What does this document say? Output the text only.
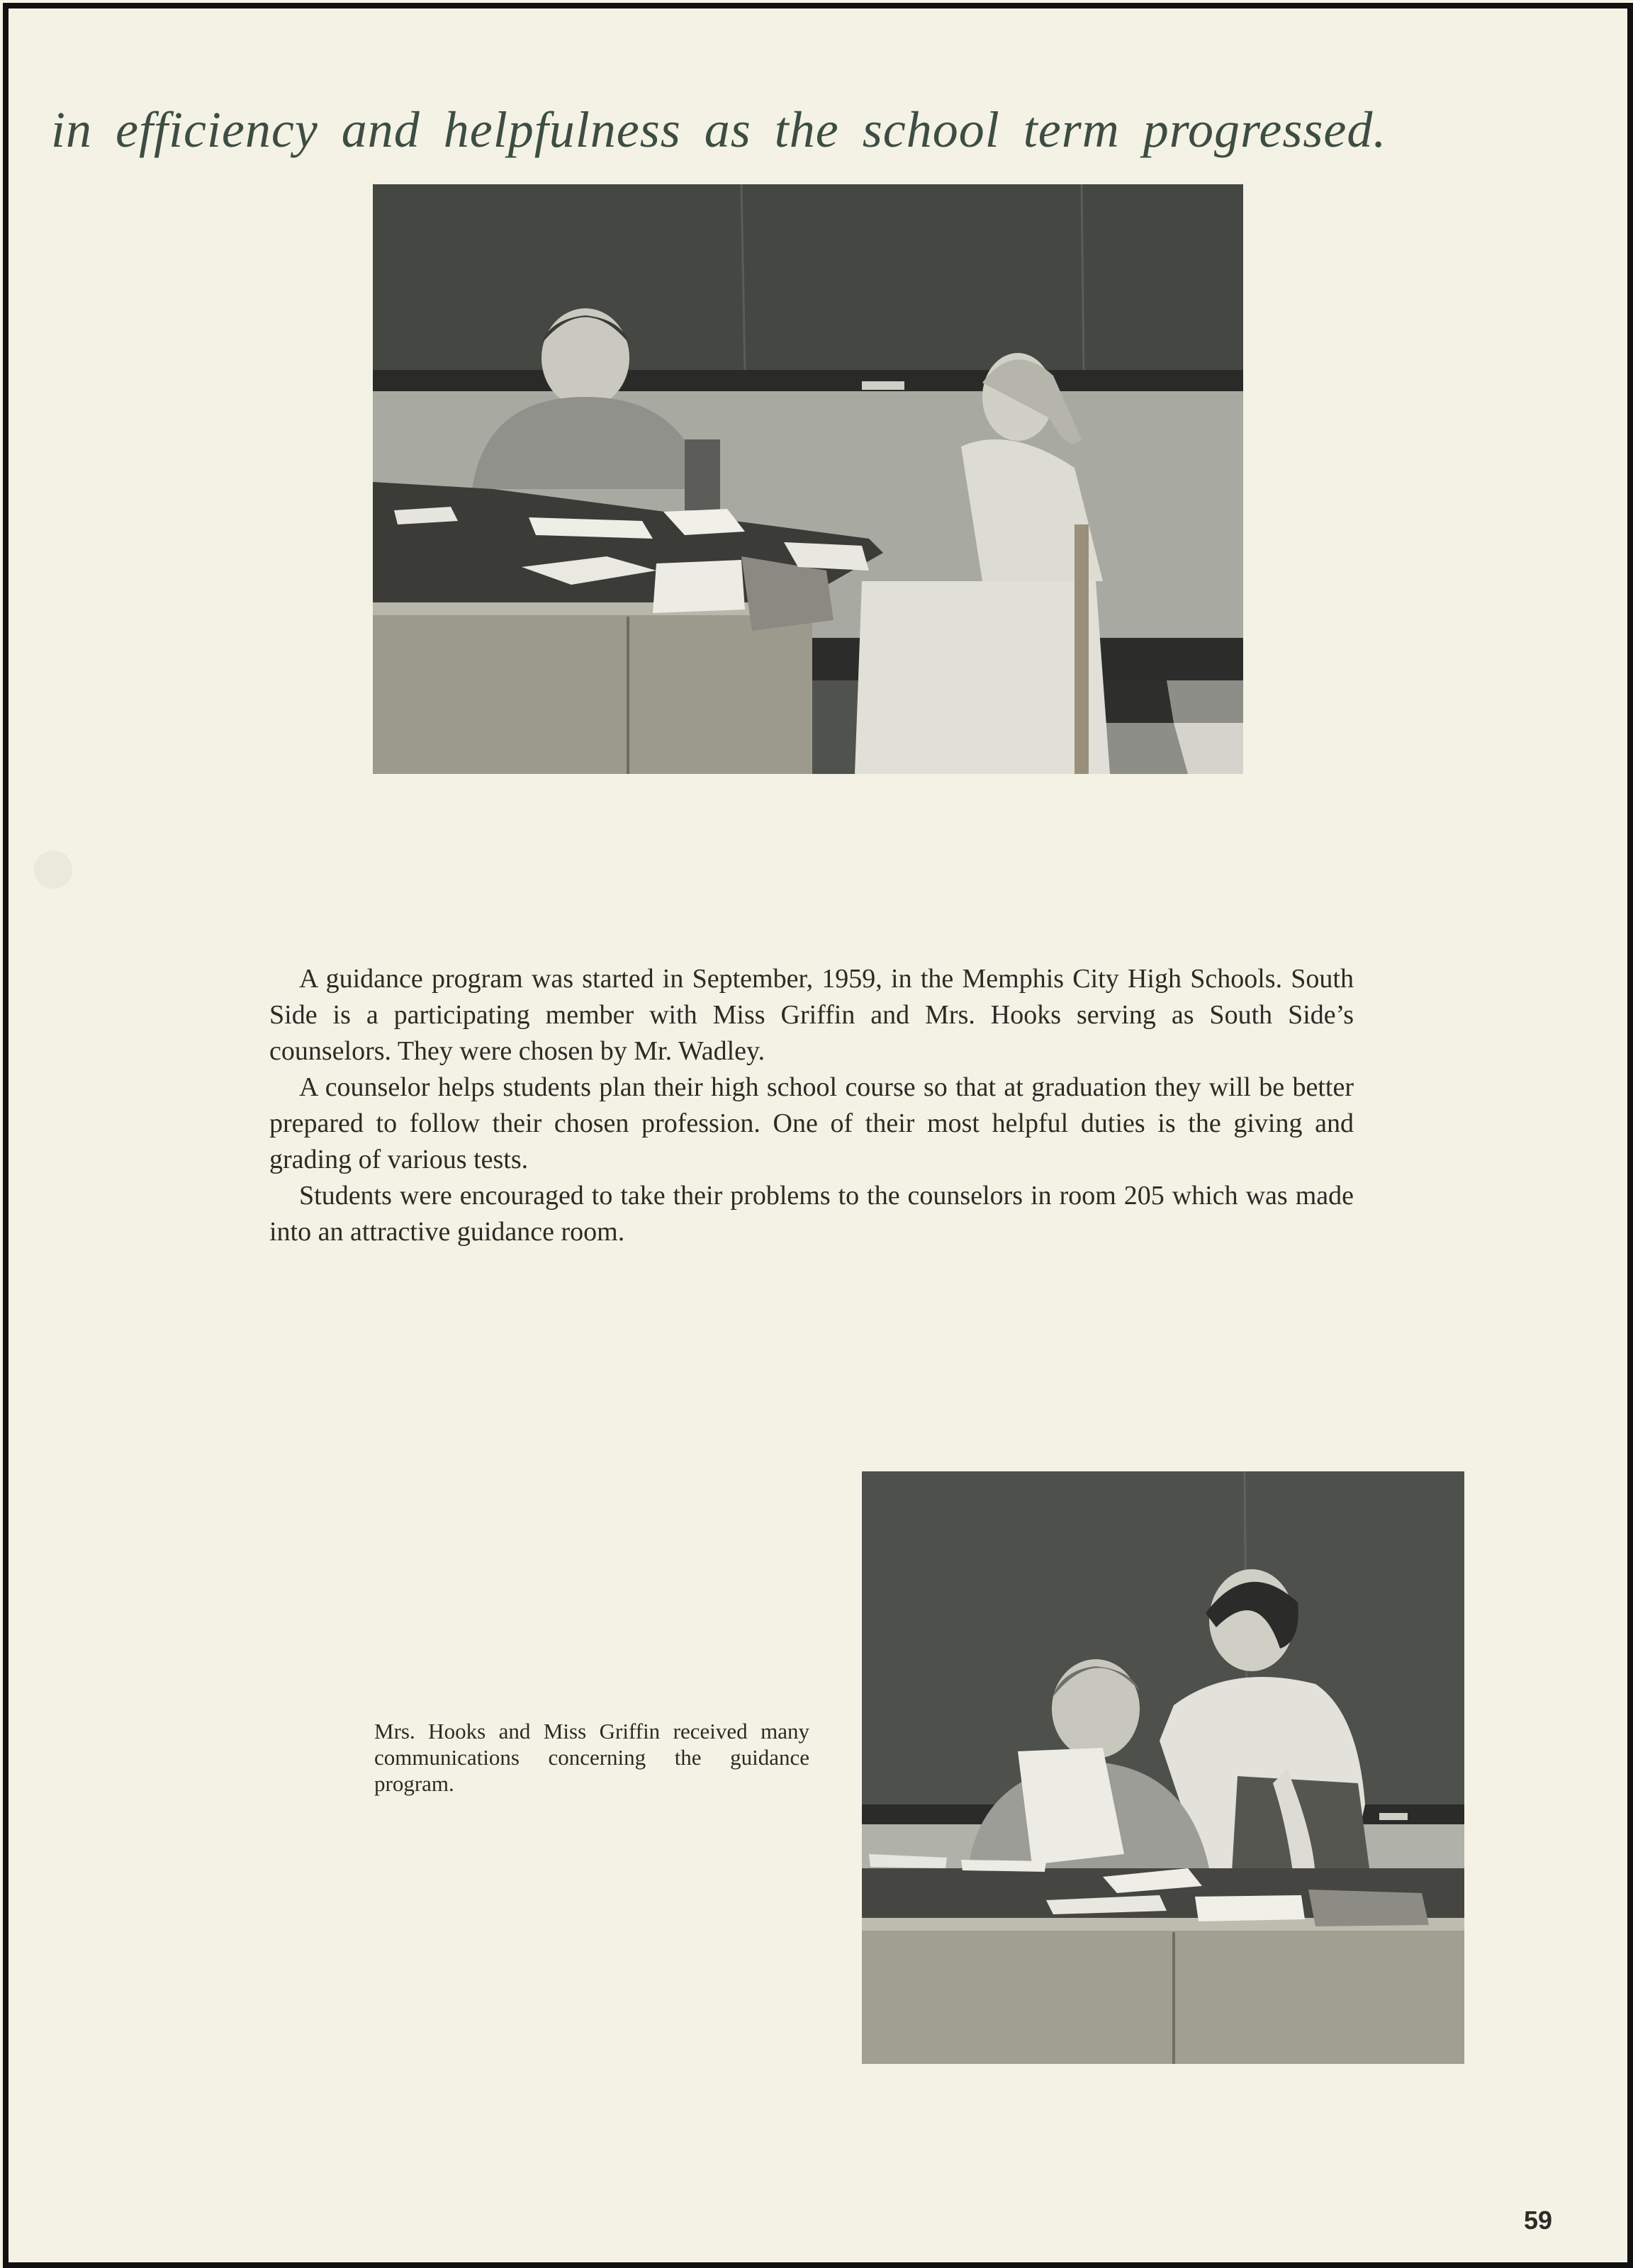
in efficiency and helpfulness as the school term progressed.

A guidance program was started in September, 1959, in the Memphis City High Schools. South Side is a participating member with Miss Griffin and Mrs. Hooks serving as South Side’s counselors. They were chosen by Mr. Wadley.

A counselor helps students plan their high school course so that at graduation they will be better prepared to follow their chosen profession. One of their most helpful duties is the giving and grading of various tests.

Students were encouraged to take their problems to the counselors in room 205 which was made into an attractive guidance room.

Mrs. Hooks and Miss Griffin received many communications concerning the guidance program.

59
